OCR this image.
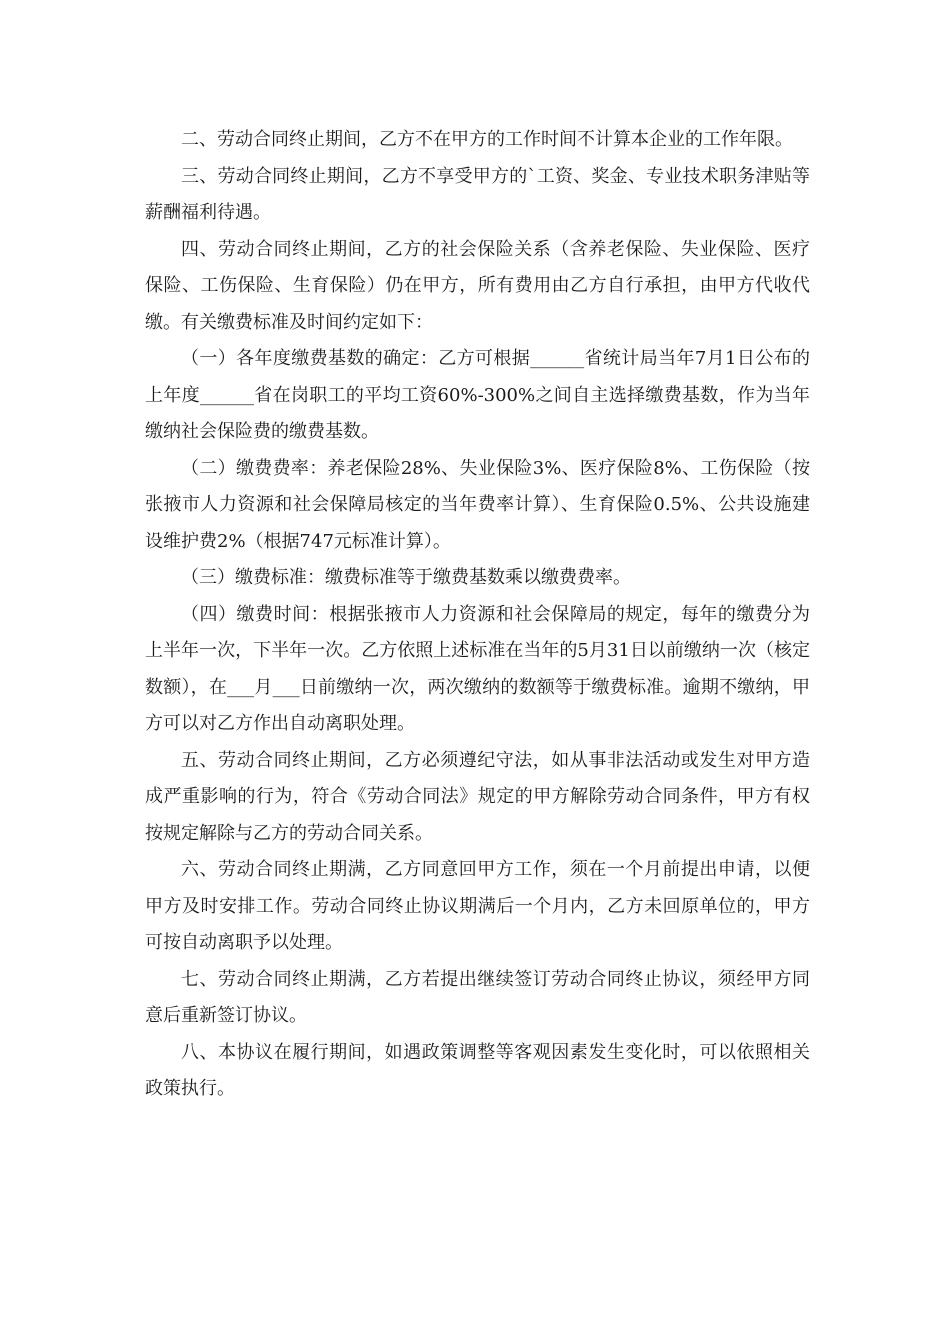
二、劳动合同终止期间，乙方不在甲方的工作时间不计算本企业的工作年限。

三、劳动合同终止期间，乙方不享受甲方的`工资、奖金、专业技术职务津贴等薪酬福利待遇。

四、劳动合同终止期间，乙方的社会保险关系（含养老保险、失业保险、医疗保险、工伤保险、生育保险）仍在甲方，所有费用由乙方自行承担，由甲方代收代缴。有关缴费标准及时间约定如下：

（一）各年度缴费基数的确定：乙方可根据______省统计局当年7月1日公布的上年度______省在岗职工的平均工资60%-300%之间自主选择缴费基数，作为当年缴纳社会保险费的缴费基数。

（二）缴费费率：养老保险28%、失业保险3%、医疗保险8%、工伤保险（按张掖市人力资源和社会保障局核定的当年费率计算）、生育保险0.5%、公共设施建设维护费2%（根据747元标准计算）。

（三）缴费标准：缴费标准等于缴费基数乘以缴费费率。

（四）缴费时间：根据张掖市人力资源和社会保障局的规定，每年的缴费分为上半年一次，下半年一次。乙方依照上述标准在当年的5月31日以前缴纳一次（核定数额），在___月___日前缴纳一次，两次缴纳的数额等于缴费标准。逾期不缴纳，甲方可以对乙方作出自动离职处理。

五、劳动合同终止期间，乙方必须遵纪守法，如从事非法活动或发生对甲方造成严重影响的行为，符合《劳动合同法》规定的甲方解除劳动合同条件，甲方有权按规定解除与乙方的劳动合同关系。

六、劳动合同终止期满，乙方同意回甲方工作，须在一个月前提出申请，以便甲方及时安排工作。劳动合同终止协议期满后一个月内，乙方未回原单位的，甲方可按自动离职予以处理。

七、劳动合同终止期满，乙方若提出继续签订劳动合同终止协议，须经甲方同意后重新签订协议。

八、本协议在履行期间，如遇政策调整等客观因素发生变化时，可以依照相关政策执行。
